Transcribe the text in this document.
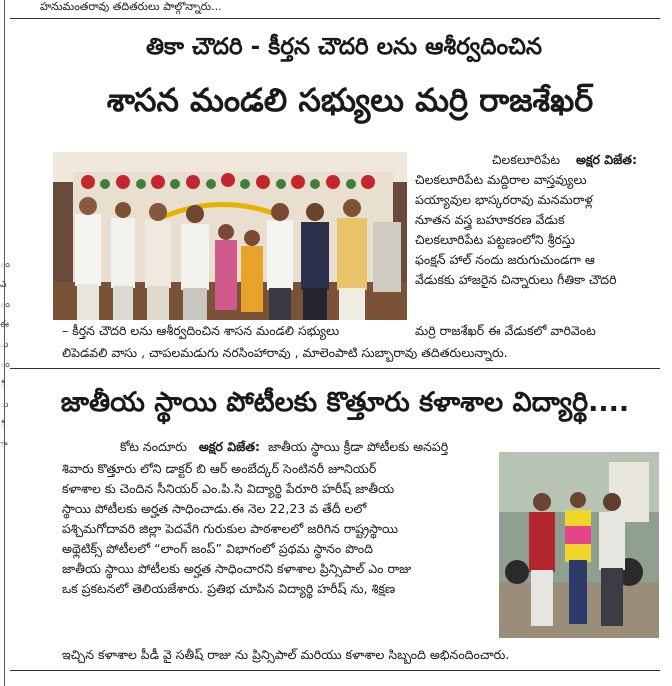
ం
ఎ
ం
ఈ
ు
ం
ి
ు
ి
ా
హనుమంతరావు తదితరులు పాల్గొన్నారు...
తికా చౌదరి - కీర్తన చౌదరి లను ఆశీర్వదించిన
శాసన మండలి సభ్యులు మర్రి రాజశేఖర్
చిలకలూరిపేట అక్షర విజేత:
చిలకలూరిపేట మద్దిరాల వాస్తవ్యులు
పయ్యావుల భాస్కరరావు మనమరాళ్ల
నూతన వస్త్ర బహూకరణ వేడుక
చిలకలూరిపేట పట్టణంలోని శ్రీరస్తు
ఫంక్షన్ హాల్ నందు జరుగుచుండగా ఆ
వేడుకకు హాజరైన చిన్నారులు గీతికా చౌదరి
– కీర్తన చౌదరి లను ఆశీర్వదించిన శాసన మండలి సభ్యులు	మర్రి రాజశేఖర్ ఈ వేడుకలో వారివెంట
లిపెడవలి వాసు , చాపలమడుగు నరసింహారావు , మాలెంపాటి సుబ్బారావు తదితరులున్నారు.
జాతీయ స్థాయి పోటీలకు కొత్తూరు కళాశాల విద్యార్థి....
కోట నందూరు అక్షర విజేత: జాతీయ స్థాయి క్రీడా పోటీలకు అనపర్తి
శివారు కొత్తూరు లోని డాక్టర్ బి ఆర్ అంబేద్కర్ సెంటినరీ జూనియర్
కళాశాల కు చెందిన సీనియర్ ఎం.పి.సి విద్యార్థి పేరూరి హరీష్ జాతీయ
స్థాయి పోటీలకు అర్హత సాధించాడు.ఈ నెల 22,23 వ తేదీ లలో
పశ్చిమగోదావరి జిల్లా పెదవేగి గురుకుల పాఠశాలలో జరిగిన రాష్ట్రస్థాయి
అథ్లెటిక్స్ పోటీలలో “లాంగ్ జంప్” విభాగంలో ప్రథమ స్థానం పొంది
జాతీయ స్థాయి పోటీలకు అర్హత సాధించారని కళాశాల ప్రిన్సిపాల్ ఎం రాజు
ఒక ప్రకటనలో తెలియజేశారు. ప్రతిభ చూపిన విద్యార్థి హరీష్ ను, శిక్షణ
ఇచ్చిన కళాశాల పీడీ వై సతీష్ రాజు ను ప్రిన్సిపాల్ మరియు కళాశాల సిబ్బంది అభినందించారు.
